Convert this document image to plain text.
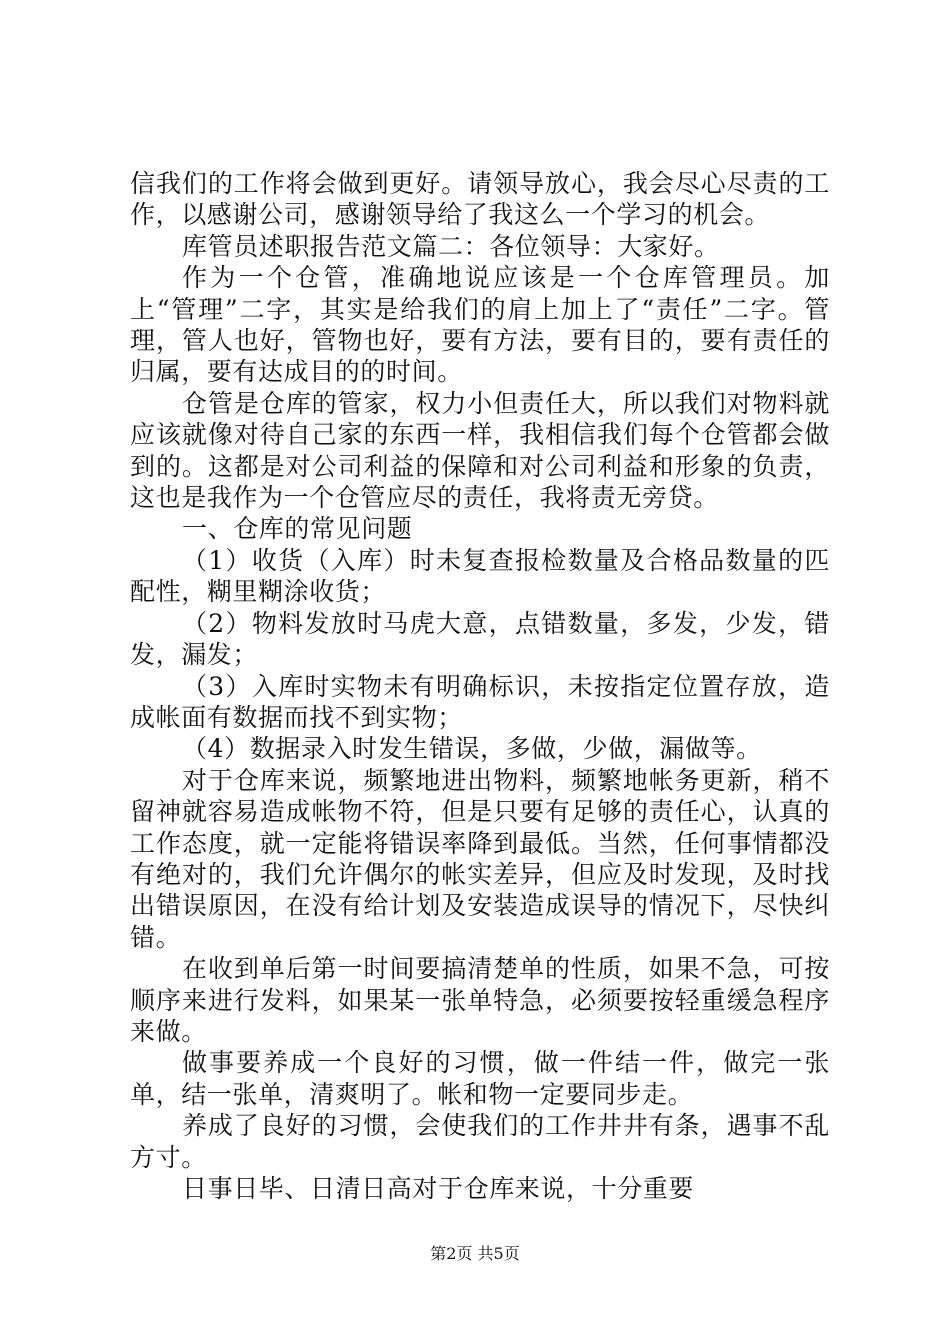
信我们的工作将会做到更好。请领导放心，我会尽心尽责的工作，以感谢公司，感谢领导给了我这么一个学习的机会。

库管员述职报告范文篇二：各位领导：大家好。

作为一个仓管，准确地说应该是一个仓库管理员。加上“管理”二字，其实是给我们的肩上加上了“责任”二字。管理，管人也好，管物也好，要有方法，要有目的，要有责任的归属，要有达成目的的时间。

仓管是仓库的管家，权力小但责任大，所以我们对物料就应该就像对待自己家的东西一样，我相信我们每个仓管都会做到的。这都是对公司利益的保障和对公司利益和形象的负责，这也是我作为一个仓管应尽的责任，我将责无旁贷。

一、仓库的常见问题

（1）收货（入库）时未复查报检数量及合格品数量的匹配性，糊里糊涂收货；

（2）物料发放时马虎大意，点错数量，多发，少发，错发，漏发；

（3）入库时实物未有明确标识，未按指定位置存放，造成帐面有数据而找不到实物；

（4）数据录入时发生错误，多做，少做，漏做等。

对于仓库来说，频繁地进出物料，频繁地帐务更新，稍不留神就容易造成帐物不符，但是只要有足够的责任心，认真的工作态度，就一定能将错误率降到最低。当然，任何事情都没有绝对的，我们允许偶尔的帐实差异，但应及时发现，及时找出错误原因，在没有给计划及安装造成误导的情况下，尽快纠错。

在收到单后第一时间要搞清楚单的性质，如果不急，可按顺序来进行发料，如果某一张单特急，必须要按轻重缓急程序来做。

做事要养成一个良好的习惯，做一件结一件，做完一张单，结一张单，清爽明了。帐和物一定要同步走。

养成了良好的习惯，会使我们的工作井井有条，遇事不乱方寸。

日事日毕、日清日高对于仓库来说，十分重要

第2页 共5页
